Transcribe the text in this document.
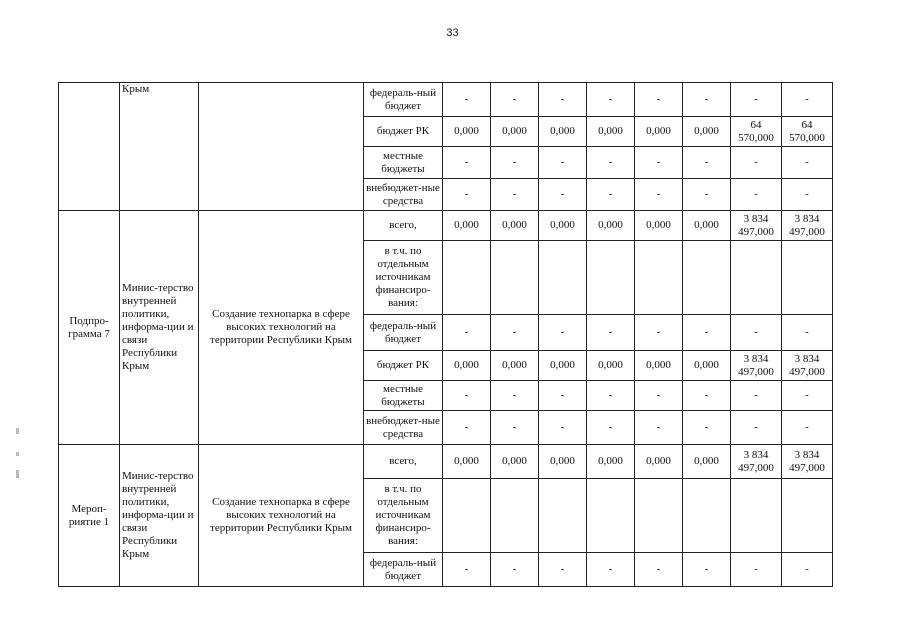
33
	Крым		федераль-ный бюджет	-	-	-	-	-	-	-	-
			бюджет РК	0,000	0,000	0,000	0,000	0,000	0,000	64 570,000	64 570,000
			местные бюджеты	-	-	-	-	-	-	-	-
			внебюджет-ные средства	-	-	-	-	-	-	-	-
Подпро-грамма 7	Минис-терство внутренней политики, информа-ции и связи Республики Крым	Создание технопарка в сфере высоких технологий на территории Республики Крым	всего,	0,000	0,000	0,000	0,000	0,000	0,000	3 834 497,000	3 834 497,000
			в т.ч. по отдельным источникам финансиро-вания:								
			федераль-ный бюджет	-	-	-	-	-	-	-	-
			бюджет РК	0,000	0,000	0,000	0,000	0,000	0,000	3 834 497,000	3 834 497,000
			местные бюджеты	-	-	-	-	-	-	-	-
			внебюджет-ные средства	-	-	-	-	-	-	-	-
Мероп-риятие 1	Минис-терство внутренней политики, информа-ции и связи Республики Крым	Создание технопарка в сфере высоких технологий на территории Республики Крым	всего,	0,000	0,000	0,000	0,000	0,000	0,000	3 834 497,000	3 834 497,000
			в т.ч. по отдельным источникам финансиро-вания:								
			федераль-ный бюджет	-	-	-	-	-	-	-	-
